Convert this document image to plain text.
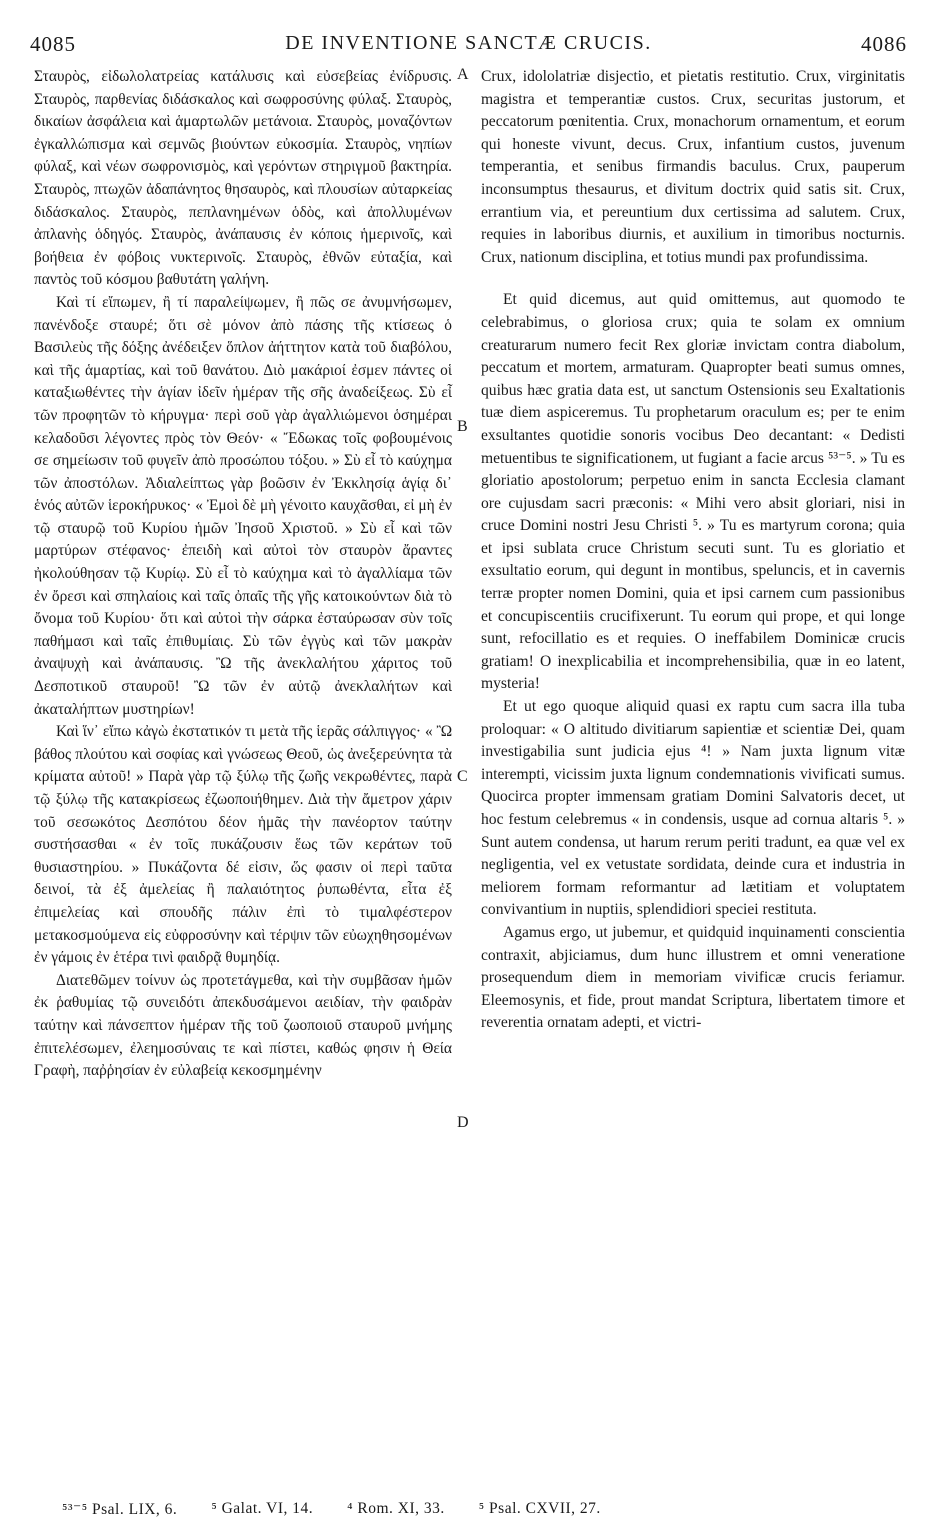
4085	DE INVENTIONE SANCTÆ CRUCIS.	4086

Σταυρὸς, εἰδωλολατρείας κατάλυσις καὶ εὐσεβείας ἐνίδρυσις. Σταυρὸς, παρθενίας διδάσκαλος καὶ σωφροσύνης φύλαξ. Σταυρὸς, δικαίων ἀσφάλεια καὶ ἁμαρτωλῶν μετάνοια. Σταυρὸς, μοναζόντων ἐγκαλλώπισμα καὶ σεμνῶς βιούντων εὐκοσμία. Σταυρὸς, νηπίων φύλαξ, καὶ νέων σωφρονισμὸς, καὶ γερόντων στηριγμοῦ βακτηρία. Σταυρὸς, πτωχῶν ἀδαπάνητος θησαυρὸς, καὶ πλουσίων αὐταρκείας διδάσκαλος. Σταυρὸς, πεπλανημένων ὁδὸς, καὶ ἀπολλυμένων ἀπλανὴς ὁδηγός. Σταυρὸς, ἀνάπαυσις ἐν κόποις ἡμερινοῖς, καὶ βοήθεια ἐν φόβοις νυκτερινοῖς. Σταυρὸς, ἐθνῶν εὐταξία, καὶ παντὸς τοῦ κόσμου βαθυτάτη γαλήνη.

Καὶ τί εἴπωμεν, ἢ τί παραλείψωμεν, ἢ πῶς σε ἀνυμνήσωμεν, πανένδοξε σταυρέ; ὅτι σὲ μόνον ἀπὸ πάσης τῆς κτίσεως ὁ Βασιλεὺς τῆς δόξης ἀνέδειξεν ὅπλον ἀήττητον κατὰ τοῦ διαβόλου, καὶ τῆς ἁμαρτίας, καὶ τοῦ θανάτου. Διὸ μακάριοί ἐσμεν πάντες οἱ καταξιωθέντες τὴν ἁγίαν ἰδεῖν ἡμέραν τῆς σῆς ἀναδείξεως. Σὺ εἶ τῶν προφητῶν τὸ κήρυγμα· περὶ σοῦ γὰρ ἀγαλλιώμενοι ὁσημέραι κελαδοῦσι λέγοντες πρὸς τὸν Θεόν· « Ἔδωκας τοῖς φοβουμένοις σε σημείωσιν τοῦ φυγεῖν ἀπὸ προσώπου τόξου. » Σὺ εἶ τὸ καύχημα τῶν ἀποστόλων. Ἀδιαλείπτως γὰρ βοῶσιν ἐν Ἐκκλησίᾳ ἁγίᾳ δι᾽ ἑνός αὐτῶν ἱεροκήρυκος· « Ἐμοὶ δὲ μὴ γένοιτο καυχᾶσθαι, εἰ μὴ ἐν τῷ σταυρῷ τοῦ Κυρίου ἡμῶν Ἰησοῦ Χριστοῦ. » Σὺ εἶ καὶ τῶν μαρτύρων στέφανος· ἐπειδὴ καὶ αὐτοὶ τὸν σταυρὸν ἄραντες ἠκολούθησαν τῷ Κυρίῳ. Σὺ εἶ τὸ καύχημα καὶ τὸ ἀγαλλίαμα τῶν ἐν ὄρεσι καὶ σπηλαίοις καὶ ταῖς ὀπαῖς τῆς γῆς κατοικούντων διὰ τὸ ὄνομα τοῦ Κυρίου· ὅτι καὶ αὐτοὶ τὴν σάρκα ἐσταύρωσαν σὺν τοῖς παθήμασι καὶ ταῖς ἐπιθυμίαις. Σὺ τῶν ἐγγὺς καὶ τῶν μακρὰν ἀναψυχὴ καὶ ἀνάπαυσις. Ὢ τῆς ἀνεκλαλήτου χάριτος τοῦ Δεσποτικοῦ σταυροῦ! Ὢ τῶν ἐν αὐτῷ ἀνεκλαλήτων καὶ ἀκαταλήπτων μυστηρίων!

Καὶ ἵν᾽ εἴπω κἀγὼ ἐκστατικόν τι μετὰ τῆς ἱερᾶς σάλπιγγος· « Ὢ βάθος πλούτου καὶ σοφίας καὶ γνώσεως Θεοῦ, ὡς ἀνεξερεύνητα τὰ κρίματα αὐτοῦ! » Παρὰ γὰρ τῷ ξύλῳ τῆς ζωῆς νεκρωθέντες, παρὰ τῷ ξύλῳ τῆς κατακρίσεως ἐζωοποιήθημεν. Διὰ τὴν ἄμετρον χάριν τοῦ σεσωκότος Δεσπότου δέον ἡμᾶς τὴν πανέορτον ταύτην συστήσασθαι « ἐν τοῖς πυκάζουσιν ἕως τῶν κεράτων τοῦ θυσιαστηρίου. » Πυκάζοντα δέ εἰσιν, ὥς φασιν οἱ περὶ ταῦτα δεινοί, τὰ ἐξ ἀμελείας ἢ παλαιότητος ῥυπωθέντα, εἶτα ἐξ ἐπιμελείας καὶ σπουδῆς πάλιν ἐπὶ τὸ τιμαλφέστερον μετακοσμούμενα εἰς εὐφροσύνην καὶ τέρψιν τῶν εὐωχηθησομένων ἐν γάμοις ἐν ἑτέρα τινὶ φαιδρᾷ θυμηδίᾳ.

Διατεθῶμεν τοίνυν ὡς προτετάγμεθα, καὶ τὴν συμβᾶσαν ἡμῶν ἐκ ῥαθυμίας τῷ συνειδότι ἀπεκδυσάμενοι αειδίαν, τὴν φαιδρὰν ταύτην καὶ πάνσεπτον ἡμέραν τῆς τοῦ ζωοποιοῦ σταυροῦ μνήμης ἐπιτελέσωμεν, ἐλεημοσύναις τε καὶ πίστει, καθώς φησιν ἡ Θεία Γραφὴ, παῤῥησίαν ἐν εὐλαβείᾳ κεκοσμημένην

A
B
C
D

Crux, idololatriæ disjectio, et pietatis restitutio. Crux, virginitatis magistra et temperantiæ custos. Crux, securitas justorum, et peccatorum pœnitentia. Crux, monachorum ornamentum, et eorum qui honeste vivunt, decus. Crux, infantium custos, juvenum temperantia, et senibus firmandis baculus. Crux, pauperum inconsumptus thesaurus, et divitum doctrix quid satis sit. Crux, errantium via, et pereuntium dux certissima ad salutem. Crux, requies in laboribus diurnis, et auxilium in timoribus nocturnis. Crux, nationum disciplina, et totius mundi pax profundissima.

Et quid dicemus, aut quid omittemus, aut quomodo te celebrabimus, o gloriosa crux; quia te solam ex omnium creaturarum numero fecit Rex gloriæ invictam contra diabolum, peccatum et mortem, armaturam. Quapropter beati sumus omnes, quibus hæc gratia data est, ut sanctum Ostensionis seu Exaltationis tuæ diem aspiceremus. Tu prophetarum oraculum es; per te enim exsultantes quotidie sonoris vocibus Deo decantant: « Dedisti metuentibus te significationem, ut fugiant a facie arcus ⁵³⁻⁵. » Tu es gloriatio apostolorum; perpetuo enim in sancta Ecclesia clamant ore cujusdam sacri præconis: « Mihi vero absit gloriari, nisi in cruce Domini nostri Jesu Christi ⁵. » Tu es martyrum corona; quia et ipsi sublata cruce Christum secuti sunt. Tu es gloriatio et exsultatio eorum, qui degunt in montibus, speluncis, et in cavernis terræ propter nomen Domini, quia et ipsi carnem cum passionibus et concupiscentiis crucifixerunt. Tu eorum qui prope, et qui longe sunt, refocillatio es et requies. O ineffabilem Dominicæ crucis gratiam! O inexplicabilia et incomprehensibilia, quæ in eo latent, mysteria!

Et ut ego quoque aliquid quasi ex raptu cum sacra illa tuba proloquar: « O altitudo divitiarum sapientiæ et scientiæ Dei, quam investigabilia sunt judicia ejus ⁴! » Nam juxta lignum vitæ interempti, vicissim juxta lignum condemnationis vivificati sumus. Quocirca propter immensam gratiam Domini Salvatoris decet, ut hoc festum celebremus « in condensis, usque ad cornua altaris ⁵. » Sunt autem condensa, ut harum rerum periti tradunt, ea quæ vel ex negligentia, vel ex vetustate sordidata, deinde cura et industria in meliorem formam reformantur ad lætitiam et voluptatem convivantium in nuptiis, splendidiori speciei restituta.

Agamus ergo, ut jubemur, et quidquid inquinamenti conscientia contraxit, abjiciamus, dum hunc illustrem et omni veneratione prosequendum diem in memoriam vivificæ crucis feriamur. Eleemosynis, et fide, prout mandat Scriptura, libertatem timore et reverentia ornatam adepti, et victri-

⁵³⁻⁵ Psal. LIX, 6. ⁵ Galat. VI, 14. ⁴ Rom. XI, 33. ⁵ Psal. CXVII, 27.
